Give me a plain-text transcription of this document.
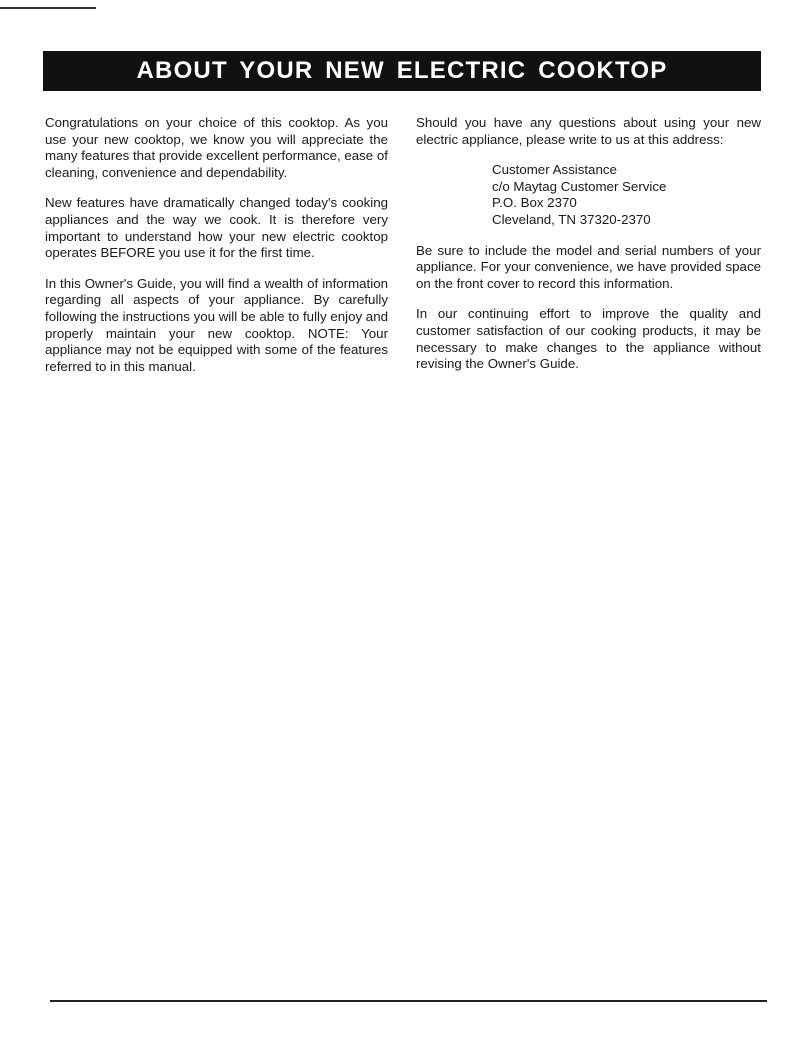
ABOUT YOUR NEW ELECTRIC COOKTOP

Congratulations on your choice of this cooktop. As you use your new cooktop, we know you will appreciate the many features that provide excellent performance, ease of cleaning, convenience and dependability.

New features have dramatically changed today's cooking appliances and the way we cook. It is therefore very important to understand how your new electric cooktop operates BEFORE you use it for the first time.

In this Owner's Guide, you will find a wealth of information regarding all aspects of your appliance. By carefully following the instructions you will be able to fully enjoy and properly maintain your new cooktop. NOTE: Your appliance may not be equipped with some of the features referred to in this manual.

Should you have any questions about using your new electric appliance, please write to us at this address:

Customer Assistance
c/o Maytag Customer Service
P.O. Box 2370
Cleveland, TN 37320-2370

Be sure to include the model and serial numbers of your appliance. For your convenience, we have provided space on the front cover to record this information.

In our continuing effort to improve the quality and customer satisfaction of our cooking products, it may be necessary to make changes to the appliance without revising the Owner's Guide.
